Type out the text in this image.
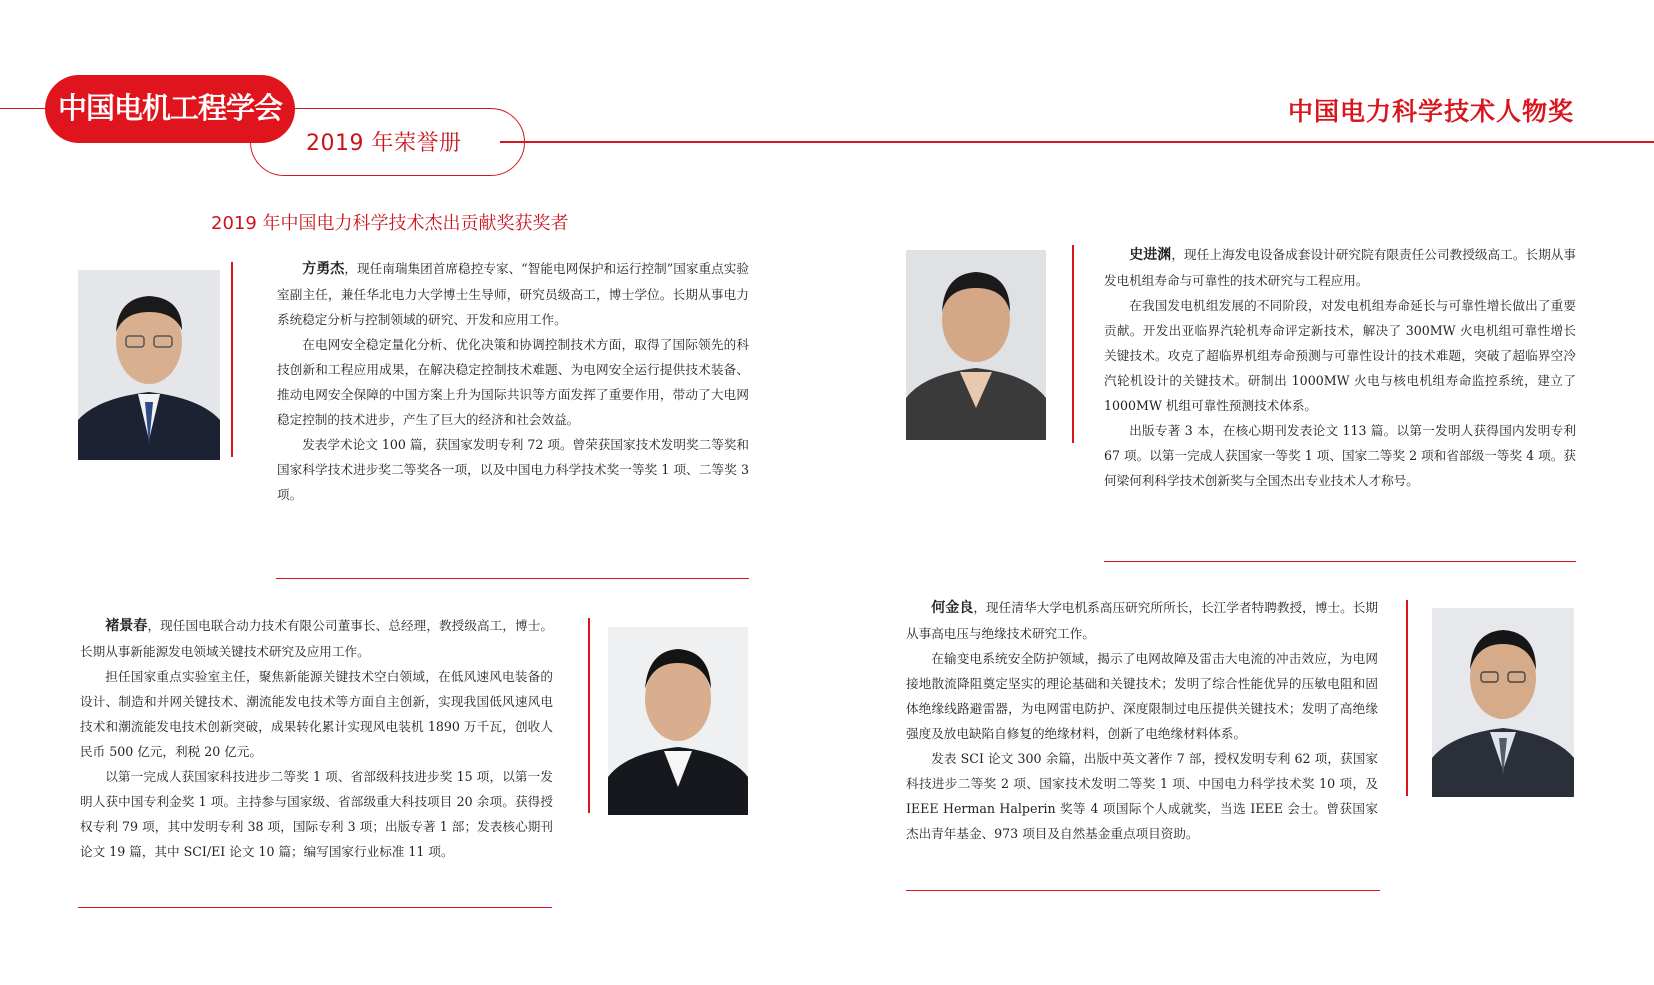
中国电机工程学会
2019 年荣誉册
中国电力科学技术人物奖
2019 年中国电力科学技术杰出贡献奖获奖者

方勇杰，现任南瑞集团首席稳控专家、“智能电网保护和运行控制”国家重点实验室副主任，兼任华北电力大学博士生导师，研究员级高工，博士学位。长期从事电力系统稳定分析与控制领域的研究、开发和应用工作。

在电网安全稳定量化分析、优化决策和协调控制技术方面，取得了国际领先的科技创新和工程应用成果，在解决稳定控制技术难题、为电网安全运行提供技术装备、推动电网安全保障的中国方案上升为国际共识等方面发挥了重要作用，带动了大电网稳定控制的技术进步，产生了巨大的经济和社会效益。

发表学术论文 100 篇，获国家发明专利 72 项。曾荣获国家技术发明奖二等奖和国家科学技术进步奖二等奖各一项，以及中国电力科学技术奖一等奖 1 项、二等奖 3 项。

史进渊，现任上海发电设备成套设计研究院有限责任公司教授级高工。长期从事发电机组寿命与可靠性的技术研究与工程应用。

在我国发电机组发展的不同阶段，对发电机组寿命延长与可靠性增长做出了重要贡献。开发出亚临界汽轮机寿命评定新技术，解决了 300MW 火电机组可靠性增长关键技术。攻克了超临界机组寿命预测与可靠性设计的技术难题，突破了超临界空冷汽轮机设计的关键技术。研制出 1000MW 火电与核电机组寿命监控系统，建立了 1000MW 机组可靠性预测技术体系。

出版专著 3 本，在核心期刊发表论文 113 篇。以第一发明人获得国内发明专利 67 项。以第一完成人获国家一等奖 1 项、国家二等奖 2 项和省部级一等奖 4 项。获何梁何利科学技术创新奖与全国杰出专业技术人才称号。

褚景春，现任国电联合动力技术有限公司董事长、总经理，教授级高工，博士。长期从事新能源发电领域关键技术研究及应用工作。

担任国家重点实验室主任，聚焦新能源关键技术空白领域，在低风速风电装备的设计、制造和并网关键技术、潮流能发电技术等方面自主创新，实现我国低风速风电技术和潮流能发电技术创新突破，成果转化累计实现风电装机 1890 万千瓦，创收人民币 500 亿元，利税 20 亿元。

以第一完成人获国家科技进步二等奖 1 项、省部级科技进步奖 15 项，以第一发明人获中国专利金奖 1 项。主持参与国家级、省部级重大科技项目 20 余项。获得授权专利 79 项，其中发明专利 38 项，国际专利 3 项；出版专著 1 部；发表核心期刊论文 19 篇，其中 SCI/EI 论文 10 篇；编写国家行业标准 11 项。

何金良，现任清华大学电机系高压研究所所长，长江学者特聘教授，博士。长期从事高电压与绝缘技术研究工作。

在输变电系统安全防护领域，揭示了电网故障及雷击大电流的冲击效应，为电网接地散流降阻奠定坚实的理论基础和关键技术；发明了综合性能优异的压敏电阻和固体绝缘线路避雷器，为电网雷电防护、深度限制过电压提供关键技术；发明了高绝缘强度及放电缺陷自修复的绝缘材料，创新了电绝缘材料体系。

发表 SCI 论文 300 余篇，出版中英文著作 7 部，授权发明专利 62 项，获国家科技进步二等奖 2 项、国家技术发明二等奖 1 项、中国电力科学技术奖 10 项，及 IEEE Herman Halperin 奖等 4 项国际个人成就奖，当选 IEEE 会士。曾获国家杰出青年基金、973 项目及自然基金重点项目资助。
